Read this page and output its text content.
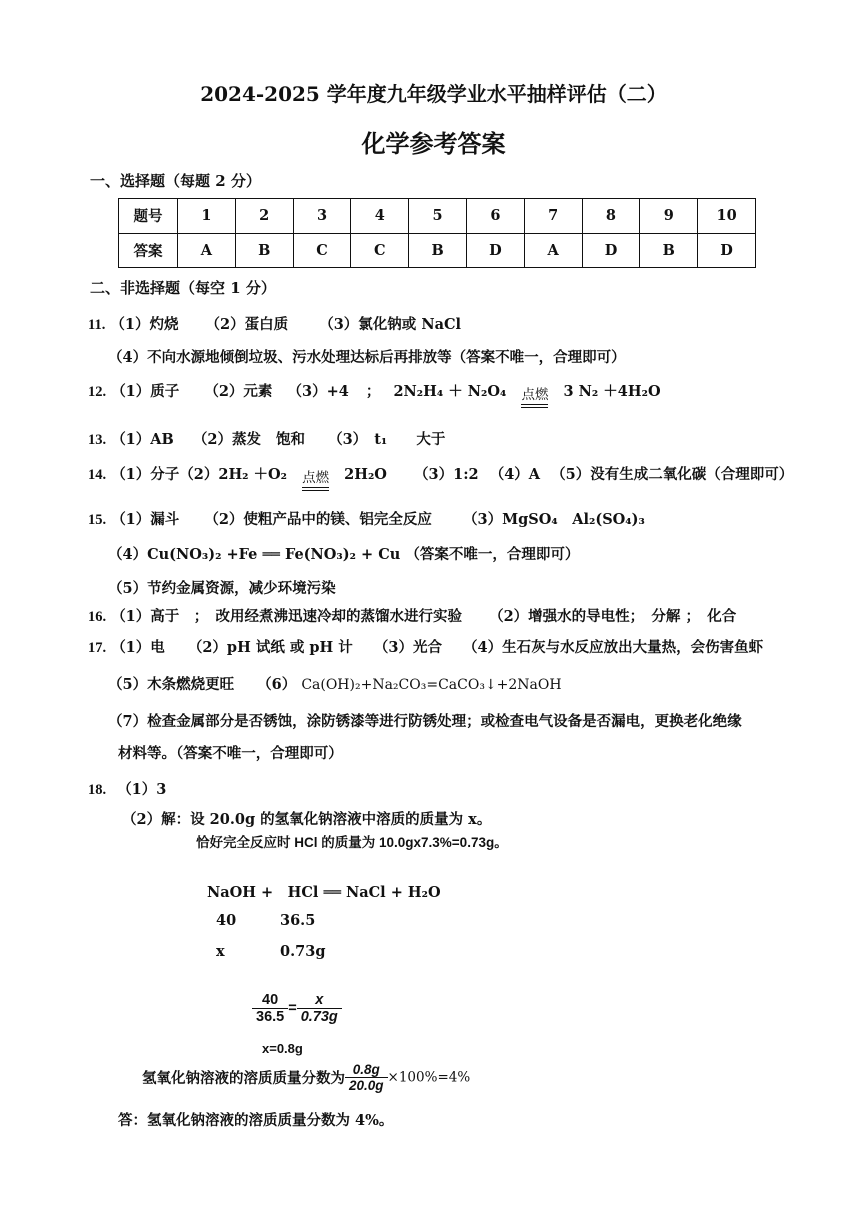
2024-2025 学年度九年级学业水平抽样评估（二）
化学参考答案
一、选择题（每题 2 分）
题号	1	2	3	4	5	6	7	8	9	10
答案	A	B	C	C	B	D	A	D	B	D
二、非选择题（每空 1 分）
11. （1）灼烧 （2）蛋白质 （3）氯化钠或 NaCl
（4）不向水源地倾倒垃圾、污水处理达标后再排放等（答案不唯一，合理即可）
12. （1）质子 （2）元素 （3）+4 ； 2N₂H₄ ＋ N₂O₄ 点燃 3 N₂ ＋4H₂O
13. （1）AB （2）蒸发 饱和 （3） t₁ 大于
14. （1）分子（2）2H₂ ＋O₂ 点燃 2H₂O （3）1:2 （4）A （5）没有生成二氧化碳（合理即可）
15. （1）漏斗 （2）使粗产品中的镁、铝完全反应 （3）MgSO₄　Al₂(SO₄)₃
（4）Cu(NO₃)₂ +Fe ══ Fe(NO₃)₂ + Cu （答案不唯一，合理即可）
（5）节约金属资源，减少环境污染
16. （1）高于　；　改用经煮沸迅速冷却的蒸馏水进行实验 （2）增强水的导电性；　分解 ；　化合
17. （1）电 （2）pH 试纸 或 pH 计 （3）光合 （4）生石灰与水反应放出大量热，会伤害鱼虾
（5）木条燃烧更旺 （6） Ca(OH)₂+Na₂CO₃=CaCO₃↓+2NaOH
（7）检查金属部分是否锈蚀，涂防锈漆等进行防锈处理；或检查电气设备是否漏电，更换老化绝缘
材料等。（答案不唯一，合理即可）
18. （1）3
（2）解：设 20.0g 的氢氧化钠溶液中溶质的质量为 x。
恰好完全反应时 HCl 的质量为 10.0gx7.3%=0.73g。
NaOH +　HCl ══ NaCl + H₂O
40	36.5
x	0.73g
$\frac{40}{36.5} = \frac{x}{0.73g}$
x=0.8g
氢氧化钠溶液的溶质质量分数为 $\frac{0.8g}{20.0g} \times 100\%=4\%$
答：氢氧化钠溶液的溶质质量分数为 4%。
